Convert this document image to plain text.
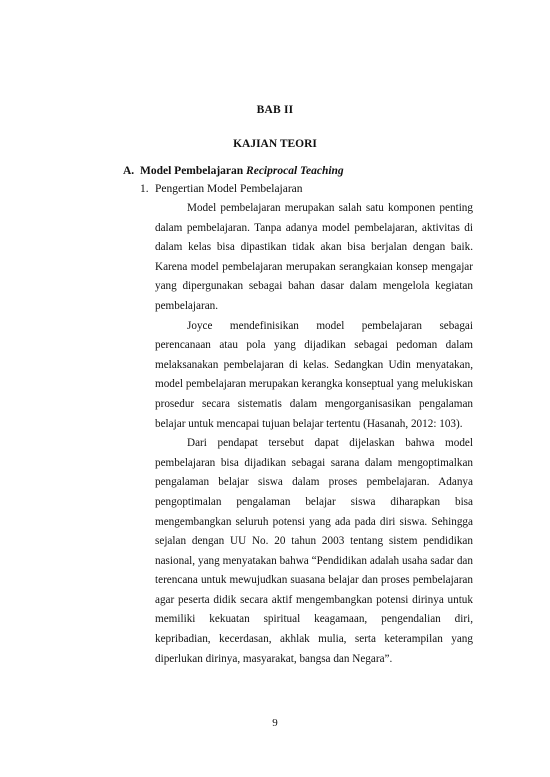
BAB II
KAJIAN TEORI
A. Model Pembelajaran Reciprocal Teaching
1. Pengertian Model Pembelajaran

Model pembelajaran merupakan salah satu komponen penting dalam pembelajaran. Tanpa adanya model pembelajaran, aktivitas di dalam kelas bisa dipastikan tidak akan bisa berjalan dengan baik. Karena model pembelajaran merupakan serangkaian konsep mengajar yang dipergunakan sebagai bahan dasar dalam mengelola kegiatan pembelajaran.

Joyce mendefinisikan model pembelajaran sebagai perencanaan atau pola yang dijadikan sebagai pedoman dalam melaksanakan pembelajaran di kelas. Sedangkan Udin menyatakan, model pembelajaran merupakan kerangka konseptual yang melukiskan prosedur secara sistematis dalam mengorganisasikan pengalaman belajar untuk mencapai tujuan belajar tertentu (Hasanah, 2012: 103).

Dari pendapat tersebut dapat dijelaskan bahwa model pembelajaran bisa dijadikan sebagai sarana dalam mengoptimalkan pengalaman belajar siswa dalam proses pembelajaran. Adanya pengoptimalan pengalaman belajar siswa diharapkan bisa mengembangkan seluruh potensi yang ada pada diri siswa. Sehingga sejalan dengan UU No. 20 tahun 2003 tentang sistem pendidikan nasional, yang menyatakan bahwa “Pendidikan adalah usaha sadar dan terencana untuk mewujudkan suasana belajar dan proses pembelajaran agar peserta didik secara aktif mengembangkan potensi dirinya untuk memiliki kekuatan spiritual keagamaan, pengendalian diri, kepribadian, kecerdasan, akhlak mulia, serta keterampilan yang diperlukan dirinya, masyarakat, bangsa dan Negara”.

9
